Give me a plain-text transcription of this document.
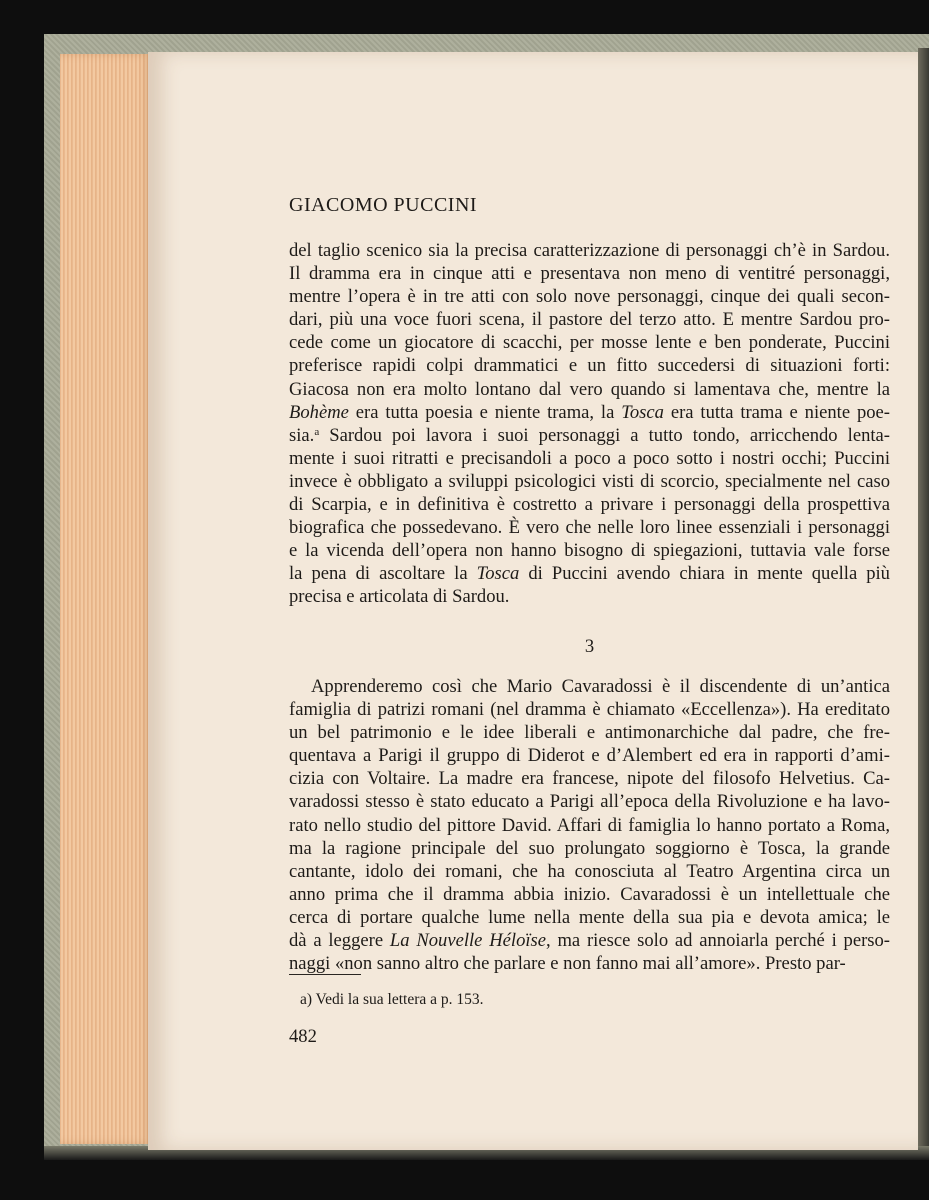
GIACOMO PUCCINI

del taglio scenico sia la precisa caratterizzazione di personaggi ch’è in Sardou.
Il dramma era in cinque atti e presentava non meno di ventitré personaggi,
mentre l’opera è in tre atti con solo nove personaggi, cinque dei quali secon-
dari, più una voce fuori scena, il pastore del terzo atto. E mentre Sardou pro-
cede come un giocatore di scacchi, per mosse lente e ben ponderate, Puccini
preferisce rapidi colpi drammatici e un fitto succedersi di situazioni forti:
Giacosa non era molto lontano dal vero quando si lamentava che, mentre la
Bohème era tutta poesia e niente trama, la Tosca era tutta trama e niente poe-
sia.$^a$ Sardou poi lavora i suoi personaggi a tutto tondo, arricchendo lenta-
mente i suoi ritratti e precisandoli a poco a poco sotto i nostri occhi; Puccini
invece è obbligato a sviluppi psicologici visti di scorcio, specialmente nel caso
di Scarpia, e in definitiva è costretto a privare i personaggi della prospettiva
biografica che possedevano. È vero che nelle loro linee essenziali i personaggi
e la vicenda dell’opera non hanno bisogno di spiegazioni, tuttavia vale forse
la pena di ascoltare la Tosca di Puccini avendo chiara in mente quella più
precisa e articolata di Sardou.

3

Apprenderemo così che Mario Cavaradossi è il discendente di un’antica
famiglia di patrizi romani (nel dramma è chiamato «Eccellenza»). Ha ereditato
un bel patrimonio e le idee liberali e antimonarchiche dal padre, che fre-
quentava a Parigi il gruppo di Diderot e d’Alembert ed era in rapporti d’ami-
cizia con Voltaire. La madre era francese, nipote del filosofo Helvetius. Ca-
varadossi stesso è stato educato a Parigi all’epoca della Rivoluzione e ha lavo-
rato nello studio del pittore David. Affari di famiglia lo hanno portato a Roma,
ma la ragione principale del suo prolungato soggiorno è Tosca, la grande
cantante, idolo dei romani, che ha conosciuta al Teatro Argentina circa un
anno prima che il dramma abbia inizio. Cavaradossi è un intellettuale che
cerca di portare qualche lume nella mente della sua pia e devota amica; le
dà a leggere La Nouvelle Héloïse, ma riesce solo ad annoiarla perché i perso-
naggi «non sanno altro che parlare e non fanno mai all’amore». Presto par-

a) Vedi la sua lettera a p. 153.

482
